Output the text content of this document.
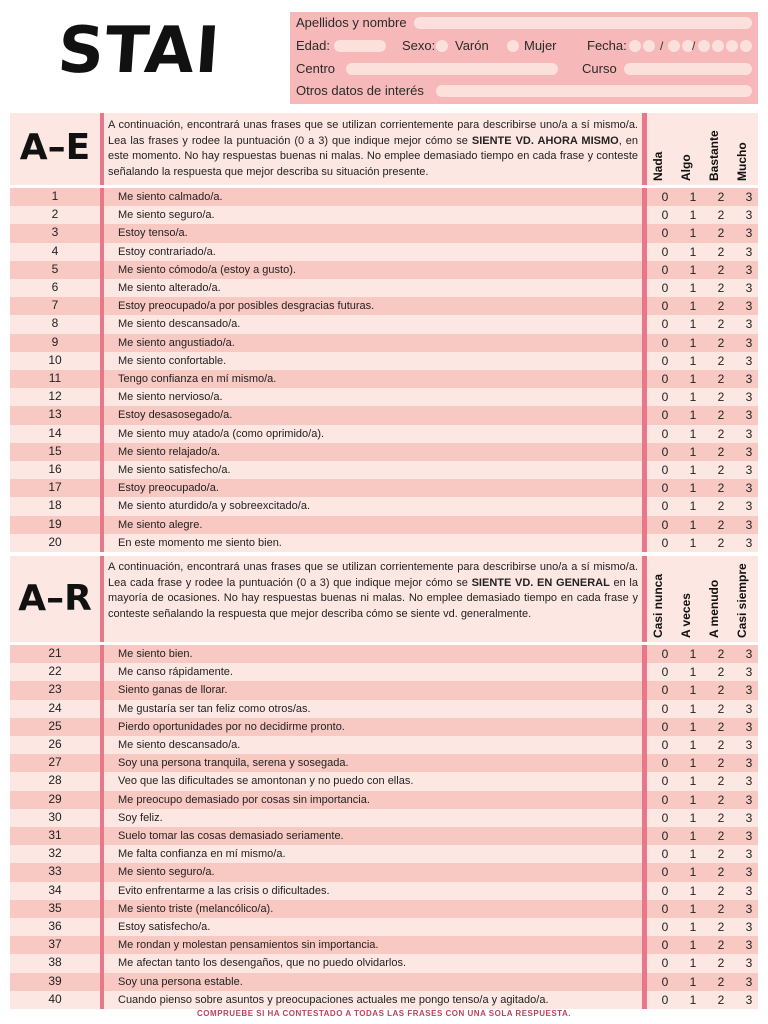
STAI	Apellidos y nombre
Edad:	Sexo: Varón	Mujer Fecha:	/ /
Centro	Curso
Otros datos de interés
A–E
A continuación, encontrará unas frases que se utilizan corrientemente para describirse uno/a a sí mismo/a. Lea las frases y rodee la puntuación (0 a 3) que indique mejor cómo se SIENTE VD. AHORA MISMO, en este momento. No hay respuestas buenas ni malas. No emplee demasiado tiempo en cada frase y conteste señalando la respuesta que mejor describa su situación presente.	Nada Algo Bastante Mucho
1	Me siento calmado/a.	0	1	2	3
2	Me siento seguro/a.	0	1	2	3
3	Estoy tenso/a.	0	1	2	3
4	Estoy contrariado/a.	0	1	2	3
5	Me siento cómodo/a (estoy a gusto).	0	1	2	3
6	Me siento alterado/a.	0	1	2	3
7	Estoy preocupado/a por posibles desgracias futuras.	0	1	2	3
8	Me siento descansado/a.	0	1	2	3
9	Me siento angustiado/a.	0	1	2	3
10	Me siento confortable.	0	1	2	3
11	Tengo confianza en mí mismo/a.	0	1	2	3
12	Me siento nervioso/a.	0	1	2	3
13	Estoy desasosegado/a.	0	1	2	3
14	Me siento muy atado/a (como oprimido/a).	0	1	2	3
15	Me siento relajado/a.	0	1	2	3
16	Me siento satisfecho/a.	0	1	2	3
17	Estoy preocupado/a.	0	1	2	3
18	Me siento aturdido/a y sobreexcitado/a.	0	1	2	3
19	Me siento alegre.	0	1	2	3
20	En este momento me siento bien.	0	1	2	3
A–R
A continuación, encontrará unas frases que se utilizan corrientemente para describirse uno/a a sí mismo/a. Lea cada frase y rodee la puntuación (0 a 3) que indique mejor cómo se SIENTE VD. EN GENERAL en la mayoría de ocasiones. No hay respuestas buenas ni malas. No emplee demasiado tiempo en cada frase y conteste señalando la respuesta que mejor describa cómo se siente vd. generalmente.	Casi nunca A veces A menudo Casi siempre
21	Me siento bien.	0	1	2	3
22	Me canso rápidamente.	0	1	2	3
23	Siento ganas de llorar.	0	1	2	3
24	Me gustaría ser tan feliz como otros/as.	0	1	2	3
25	Pierdo oportunidades por no decidirme pronto.	0	1	2	3
26	Me siento descansado/a.	0	1	2	3
27	Soy una persona tranquila, serena y sosegada.	0	1	2	3
28	Veo que las dificultades se amontonan y no puedo con ellas.	0	1	2	3
29	Me preocupo demasiado por cosas sin importancia.	0	1	2	3
30	Soy feliz.	0	1	2	3
31	Suelo tomar las cosas demasiado seriamente.	0	1	2	3
32	Me falta confianza en mí mismo/a.	0	1	2	3
33	Me siento seguro/a.	0	1	2	3
34	Evito enfrentarme a las crisis o dificultades.	0	1	2	3
35	Me siento triste (melancólico/a).	0	1	2	3
36	Estoy satisfecho/a.	0	1	2	3
37	Me rondan y molestan pensamientos sin importancia.	0	1	2	3
38	Me afectan tanto los desengaños, que no puedo olvidarlos.	0	1	2	3
39	Soy una persona estable.	0	1	2	3
40	Cuando pienso sobre asuntos y preocupaciones actuales me pongo tenso/a y agitado/a.	0	1	2	3
COMPRUEBE SI HA CONTESTADO A TODAS LAS FRASES CON UNA SOLA RESPUESTA.
